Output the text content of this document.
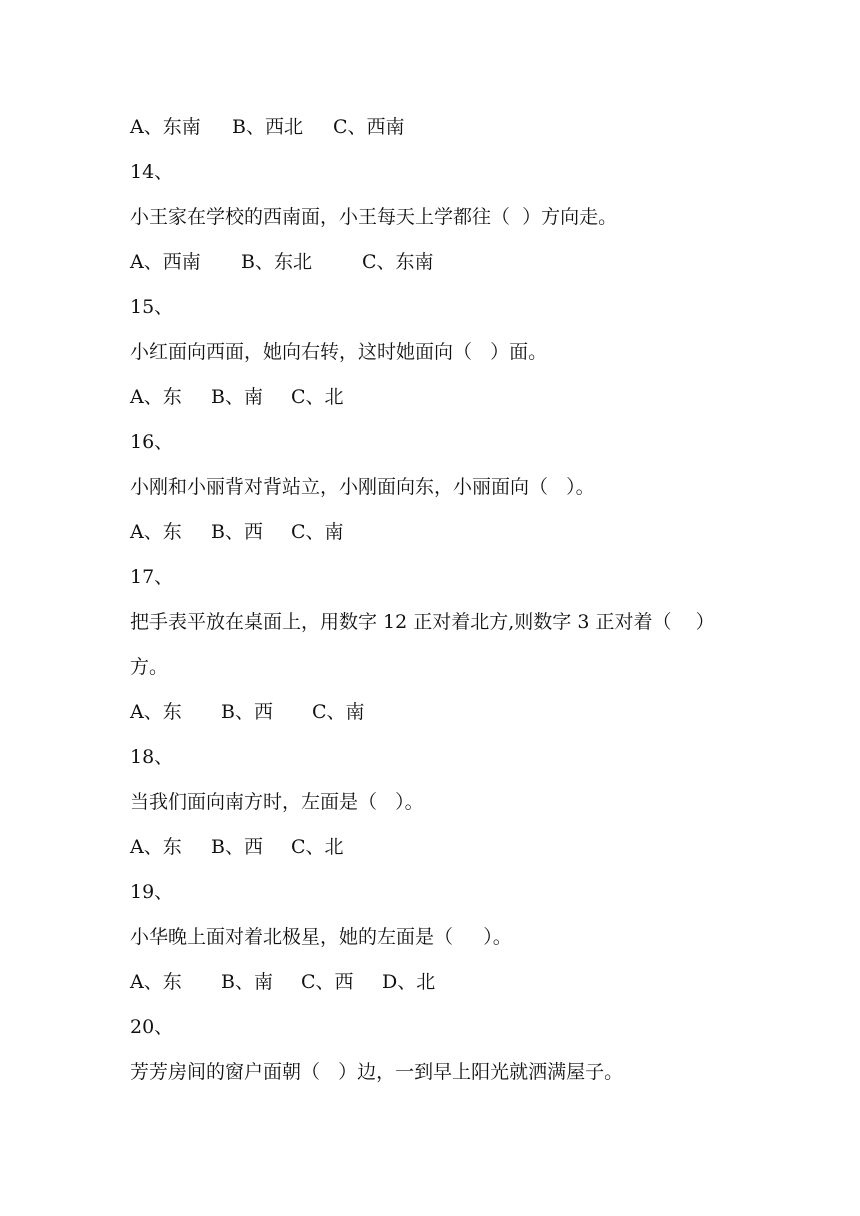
A、东南

B、西北

C、西南

14、
小王家在学校的西南面，小王每天上学都往（  ）方向走。

A、西南

B、东北

	C、东南

15、
小红面向西面，她向右转，这时她面向（   ）面。

A、东

B、南

C、北

16、
小刚和小丽背对背站立，小刚面向东，小丽面向（   ）。

A、东

B、西

C、南

17、
把手表平放在桌面上，用数字 12 正对着北方,则数字 3 正对着（    ）
方。

A、东

B、西

C、南

18、
当我们面向南方时，左面是（   ）。

A、东

B、西

C、北

19、
小华晚上面对着北极星，她的左面是（     ）。

A、东

B、南

C、西

D、北

20、
芳芳房间的窗户面朝（   ）边，一到早上阳光就洒满屋子。
